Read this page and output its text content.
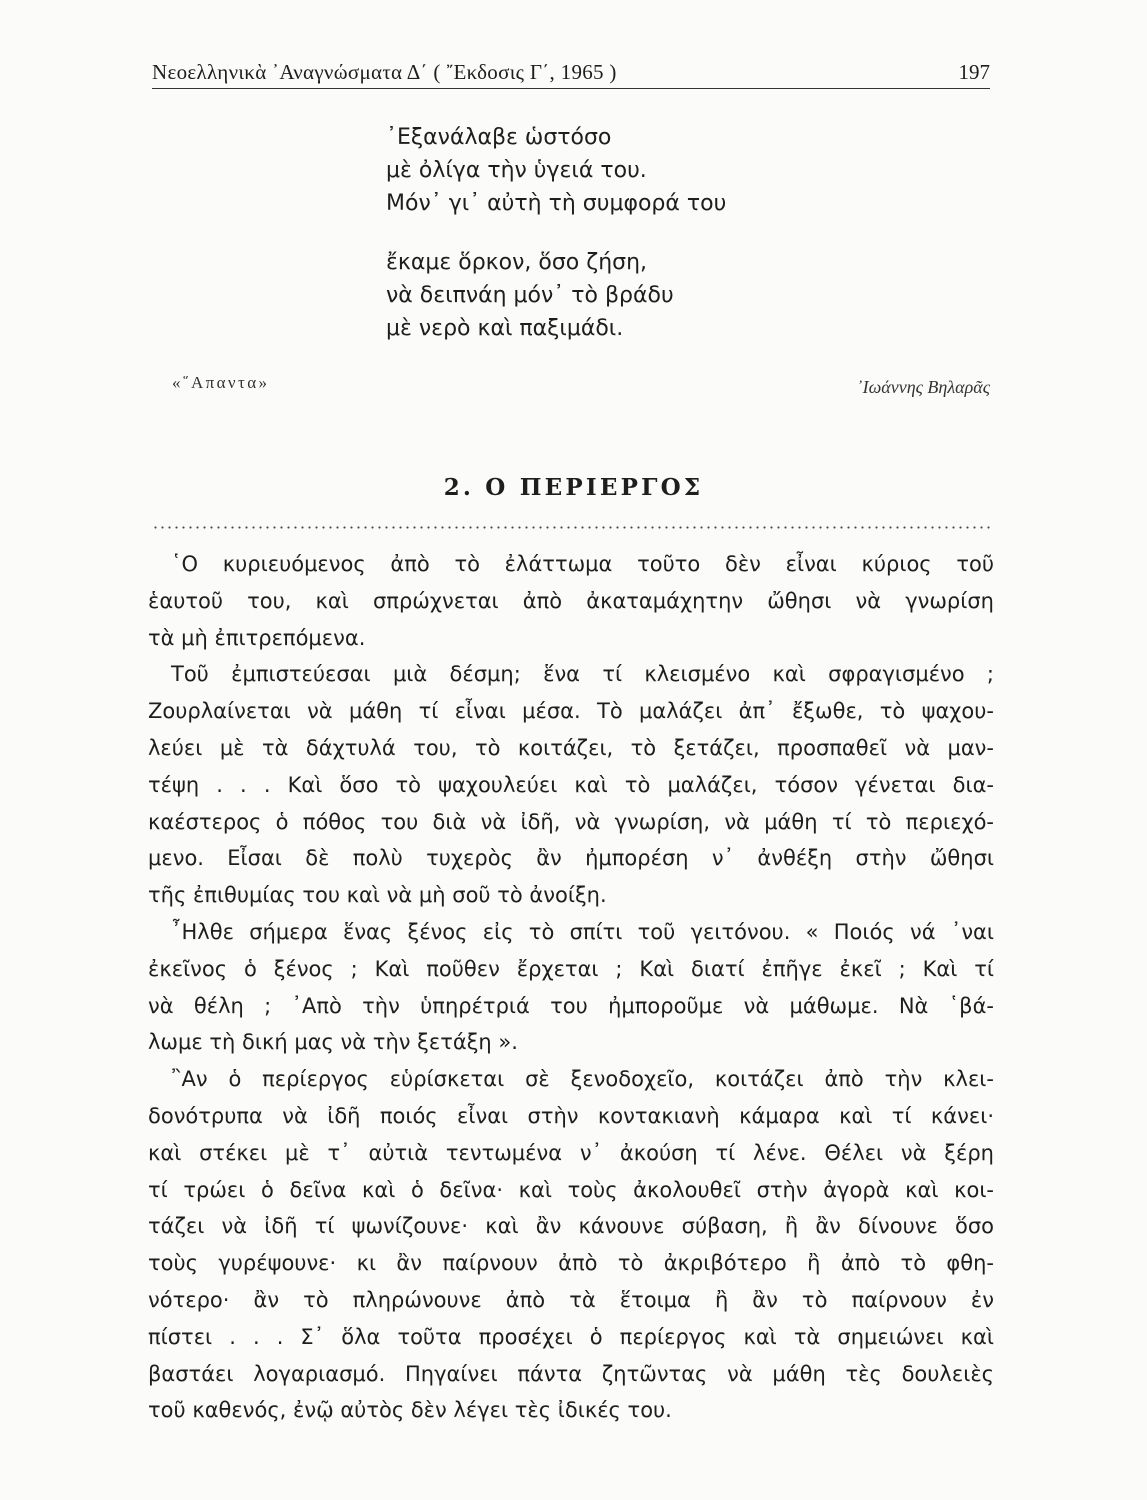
Νεοελληνικὰ ᾿Αναγνώσματα Δ΄ ( ῎Εκδοσις Γ΄, 1965 )	197
᾿Εξανάλαβε ὡστόσο
μὲ ὀλίγα τὴν ὑγειά του.
Μόν᾿ γι᾿ αὐτὴ τὴ συμφορά του
ἔκαμε ὅρκον, ὅσο ζήση,
νὰ δειπνάη μόν᾿ τὸ βράδυ
μὲ νερὸ καὶ παξιμάδι.
«῞Απαντα»	᾿Ιωάννης Βηλαρᾶς
2. Ο ΠΕΡΙΕΡΓΟΣ
῾Ο κυριευόμενος ἀπὸ τὸ ἐλάττωμα τοῦτο δὲν εἶναι κύριος τοῦ
ἑαυτοῦ του, καὶ σπρώχνεται ἀπὸ ἀκαταμάχητην ὤθησι νὰ γνωρίση
τὰ μὴ ἐπιτρεπόμενα.
Τοῦ ἐμπιστεύεσαι μιὰ δέσμη; ἕνα τί κλεισμένο καὶ σφραγισμένο ;
Ζουρλαίνεται νὰ μάθη τί εἶναι μέσα. Τὸ μαλάζει ἀπ᾿ ἔξωθε, τὸ ψαχου-
λεύει μὲ τὰ δάχτυλά του, τὸ κοιτάζει, τὸ ξετάζει, προσπαθεῖ νὰ μαν-
τέψη . . . Καὶ ὅσο τὸ ψαχουλεύει καὶ τὸ μαλάζει, τόσον γένεται δια-
καέστερος ὁ πόθος του διὰ νὰ ἰδῆ, νὰ γνωρίση, νὰ μάθη τί τὸ περιεχό-
μενο. Εἶσαι δὲ πολὺ τυχερὸς ἂν ἠμπορέση ν᾿ ἀνθέξη στὴν ὤθησι
τῆς ἐπιθυμίας του καὶ νὰ μὴ σοῦ τὸ ἀνοίξη.
῏Ηλθε σήμερα ἕνας ξένος εἰς τὸ σπίτι τοῦ γειτόνου. « Ποιός νά ᾿ναι
ἐκεῖνος ὁ ξένος ; Καὶ ποῦθεν ἔρχεται ; Καὶ διατί ἐπῆγε ἐκεῖ ; Καὶ τί
νὰ θέλη ; ᾿Απὸ τὴν ὑπηρέτριά του ἠμποροῦμε νὰ μάθωμε. Νὰ ῾βά-
λωμε τὴ δική μας νὰ τὴν ξετάξη ».
῍Αν ὁ περίεργος εὑρίσκεται σὲ ξενοδοχεῖο, κοιτάζει ἀπὸ τὴν κλει-
δονότρυπα νὰ ἰδῆ ποιός εἶναι στὴν κοντακιανὴ κάμαρα καὶ τί κάνει·
καὶ στέκει μὲ τ᾿ αὐτιὰ τεντωμένα ν᾿ ἀκούση τί λένε. Θέλει νὰ ξέρη
τί τρώει ὁ δεῖνα καὶ ὁ δεῖνα· καὶ τοὺς ἀκολουθεῖ στὴν ἀγορὰ καὶ κοι-
τάζει νὰ ἰδῆ τί ψωνίζουνε· καὶ ἂν κάνουνε σύβαση, ἢ ἂν δίνουνε ὅσο
τοὺς γυρέψουνε· κι ἂν παίρνουν ἀπὸ τὸ ἀκριβότερο ἢ ἀπὸ τὸ φθη-
νότερο· ἂν τὸ πληρώνουνε ἀπὸ τὰ ἕτοιμα ἢ ἂν τὸ παίρνουν ἐν
πίστει . . . Σ᾿ ὅλα τοῦτα προσέχει ὁ περίεργος καὶ τὰ σημειώνει καὶ
βαστάει λογαριασμό. Πηγαίνει πάντα ζητῶντας νὰ μάθη τὲς δουλειὲς
τοῦ καθενός, ἐνῷ αὐτὸς δὲν λέγει τὲς ἰδικές του.
